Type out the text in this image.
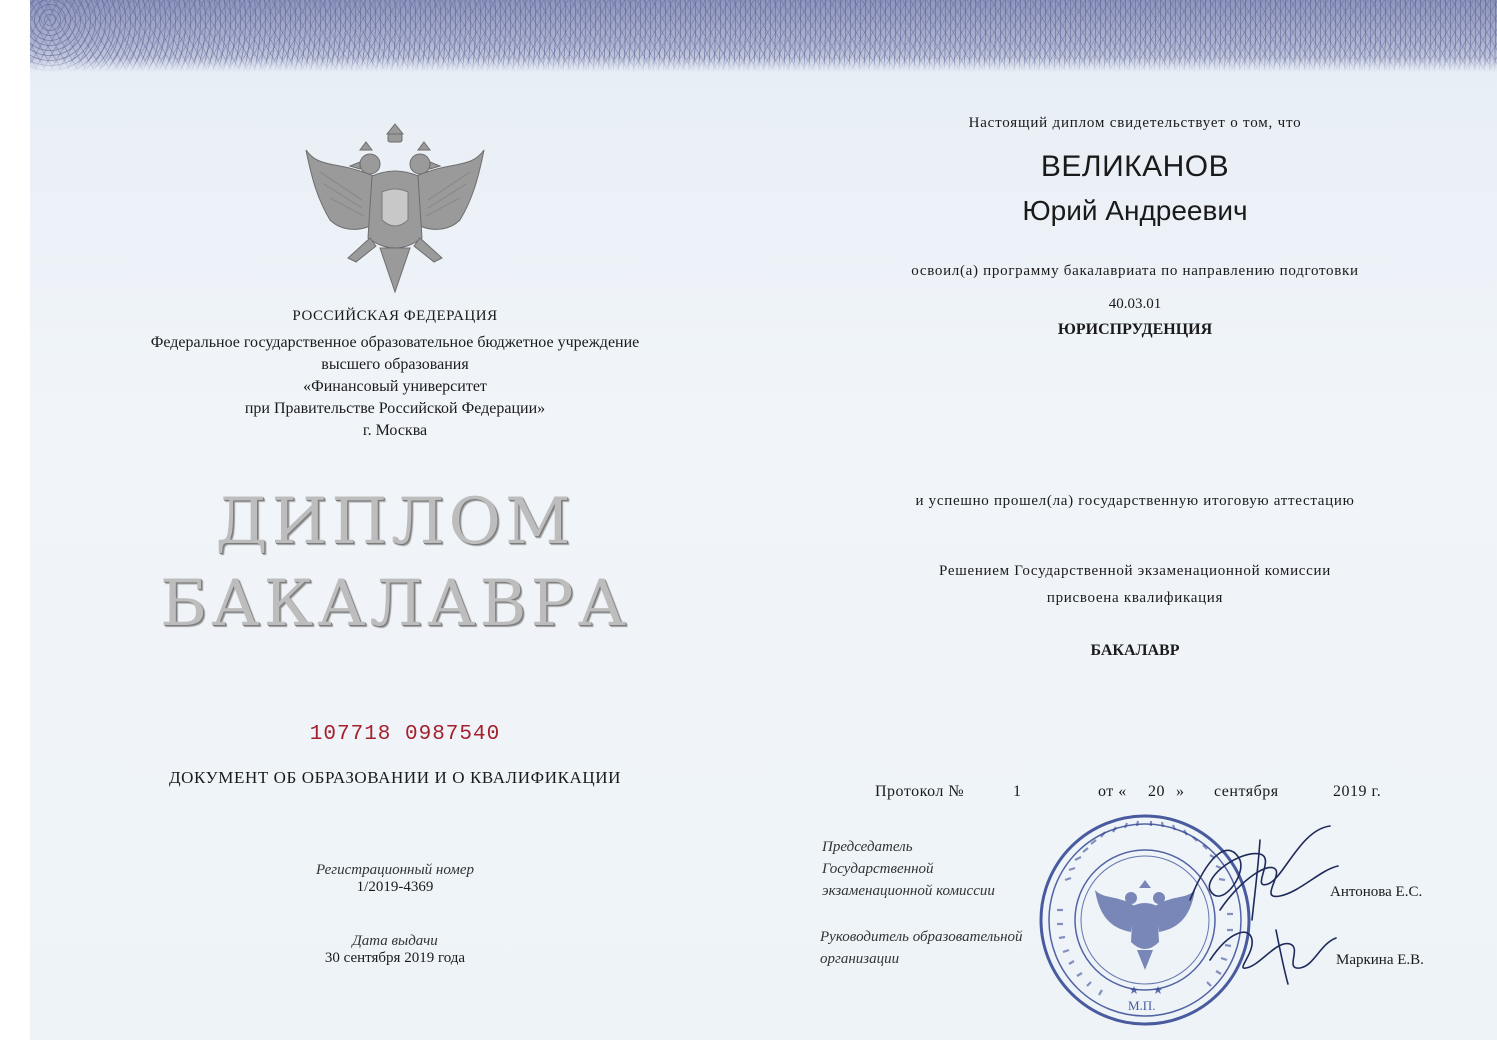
РОССИЙСКАЯ ФЕДЕРАЦИЯ
Федеральное государственное образовательное бюджетное учреждение
высшего образования
«Финансовый университет
при Правительстве Российской Федерации»
г. Москва
ДИПЛОМ
БАКАЛАВРА
107718 0987540
ДОКУМЕНТ ОБ ОБРАЗОВАНИИ И О КВАЛИФИКАЦИИ
Регистрационный номер
1/2019-4369
Дата выдачи
30 сентября 2019 года
Настоящий диплом свидетельствует о том, что
ВЕЛИКАНОВ
Юрий Андреевич
освоил(а) программу бакалавриата по направлению подготовки
40.03.01
ЮРИСПРУДЕНЦИЯ
и успешно прошел(ла) государственную итоговую аттестацию
Решением Государственной экзаменационной комиссии
присвоена квалификация
БАКАЛАВР
Протокол №	1	от « 20 » сентября	2019 г.
Председатель
Государственной
экзаменационной комиссии	Антонова Е.С.
Руководитель образовательной
организации	Маркина Е.В.
М.П.
